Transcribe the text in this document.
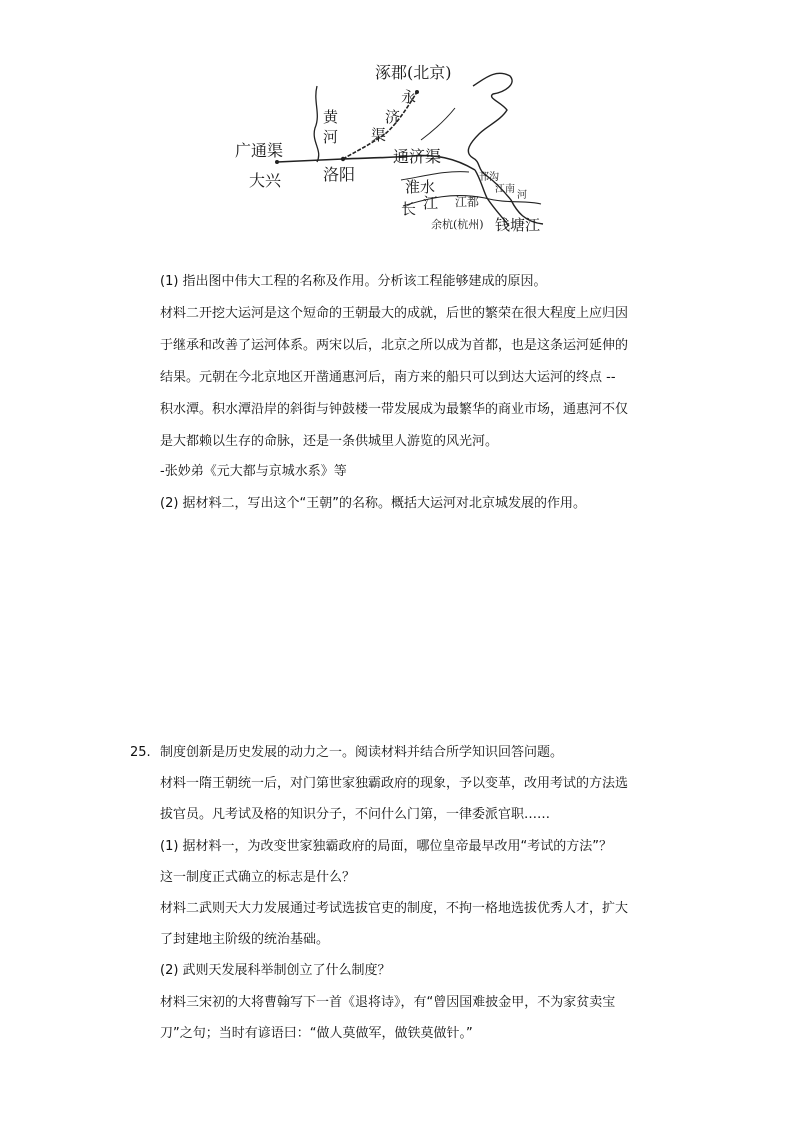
涿郡(北京)
永
济
渠
黄
河
广通渠
大兴	洛阳
通济渠
淮水
长 江
邗沟
江南
河
江都
余杭(杭州) 钱塘江
(1) 指出图中伟大工程的名称及作用。分析该工程能够建成的原因。
材料二开挖大运河是这个短命的王朝最大的成就，后世的繁荣在很大程度上应归因
于继承和改善了运河体系。两宋以后，北京之所以成为首都，也是这条运河延伸的
结果。元朝在今北京地区开凿通惠河后，南方来的船只可以到达大运河的终点 --
积水潭。积水潭沿岸的斜街与钟鼓楼一带发展成为最繁华的商业市场，通惠河不仅
是大都赖以生存的命脉，还是一条供城里人游览的风光河。
-张妙弟《元大都与京城水系》等
(2) 据材料二，写出这个“王朝”的名称。概括大运河对北京城发展的作用。
25. 制度创新是历史发展的动力之一。阅读材料并结合所学知识回答问题。
材料一隋王朝统一后，对门第世家独霸政府的现象，予以变革，改用考试的方法选
拔官员。凡考试及格的知识分子，不问什么门第，一律委派官职……
(1) 据材料一，为改变世家独霸政府的局面，哪位皇帝最早改用“考试的方法”？
这一制度正式确立的标志是什么？
材料二武则天大力发展通过考试选拔官吏的制度，不拘一格地选拔优秀人才，扩大
了封建地主阶级的统治基础。
(2) 武则天发展科举制创立了什么制度？
材料三宋初的大将曹翰写下一首《退将诗》，有“曾因国难披金甲，不为家贫卖宝
刀”之句；当时有谚语曰：“做人莫做军，做铁莫做针。”
